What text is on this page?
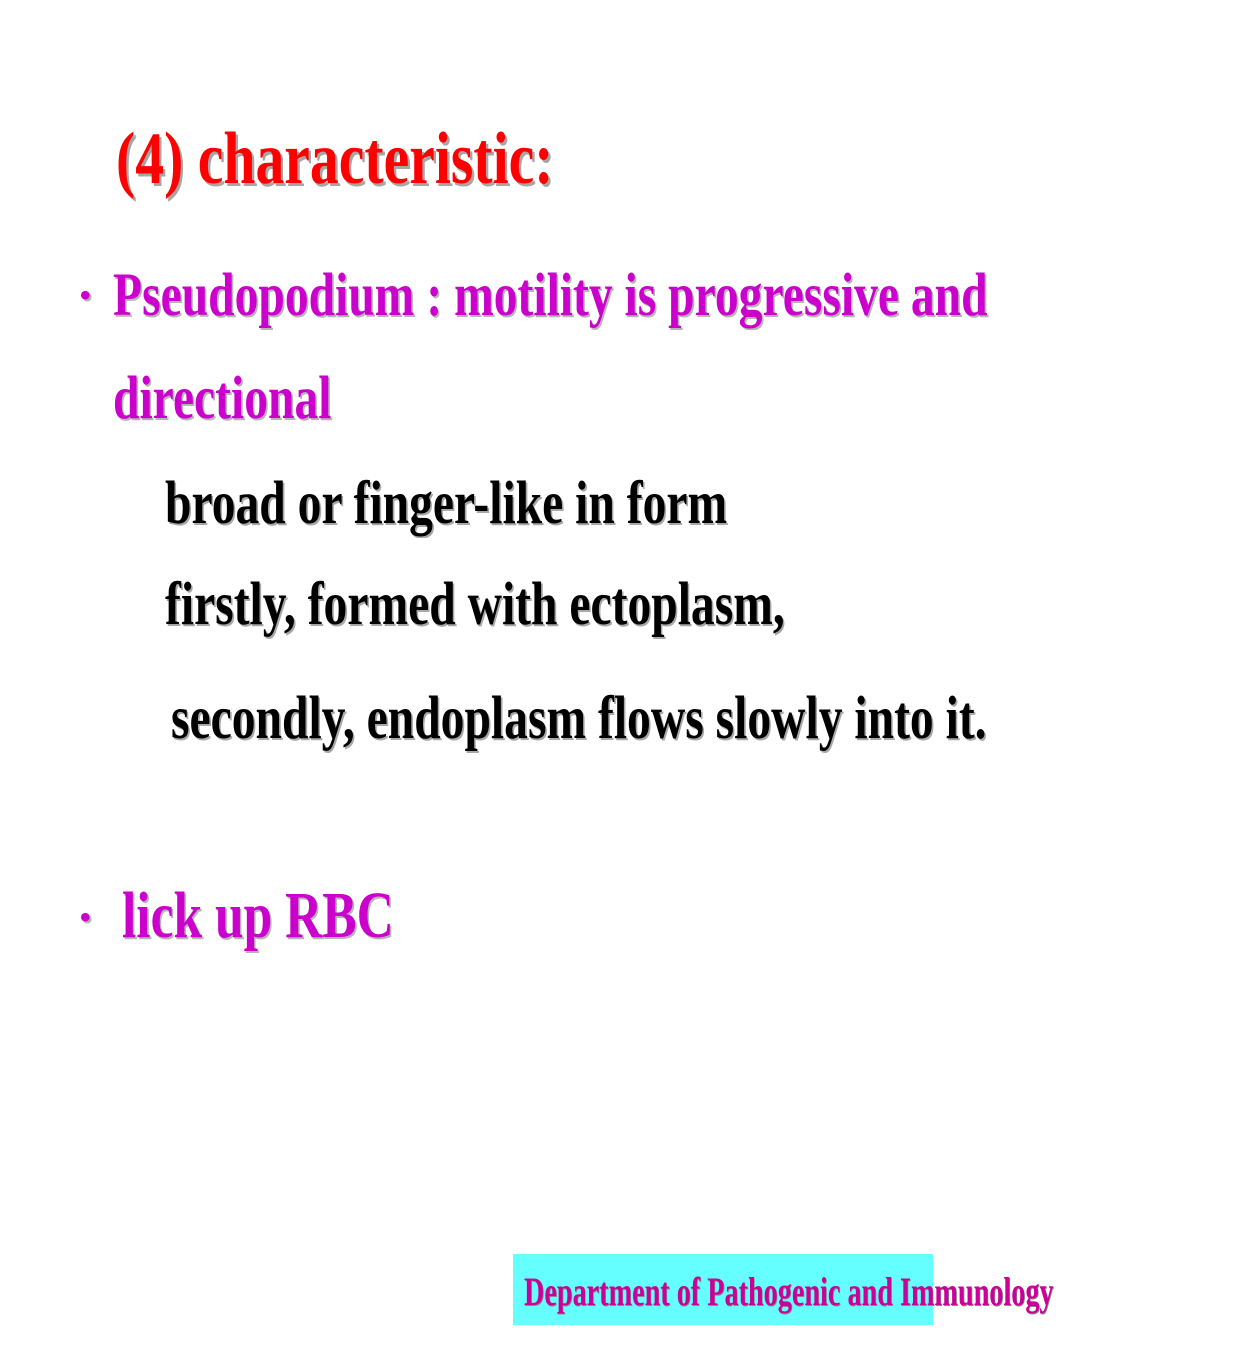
(4) characteristic:
• Pseudopodium : motility is progressive and
directional
broad or finger-like in form
firstly, formed with ectoplasm,
secondly, endoplasm flows slowly into it.
• lick up RBC
Department of Pathogenic and Immunology
